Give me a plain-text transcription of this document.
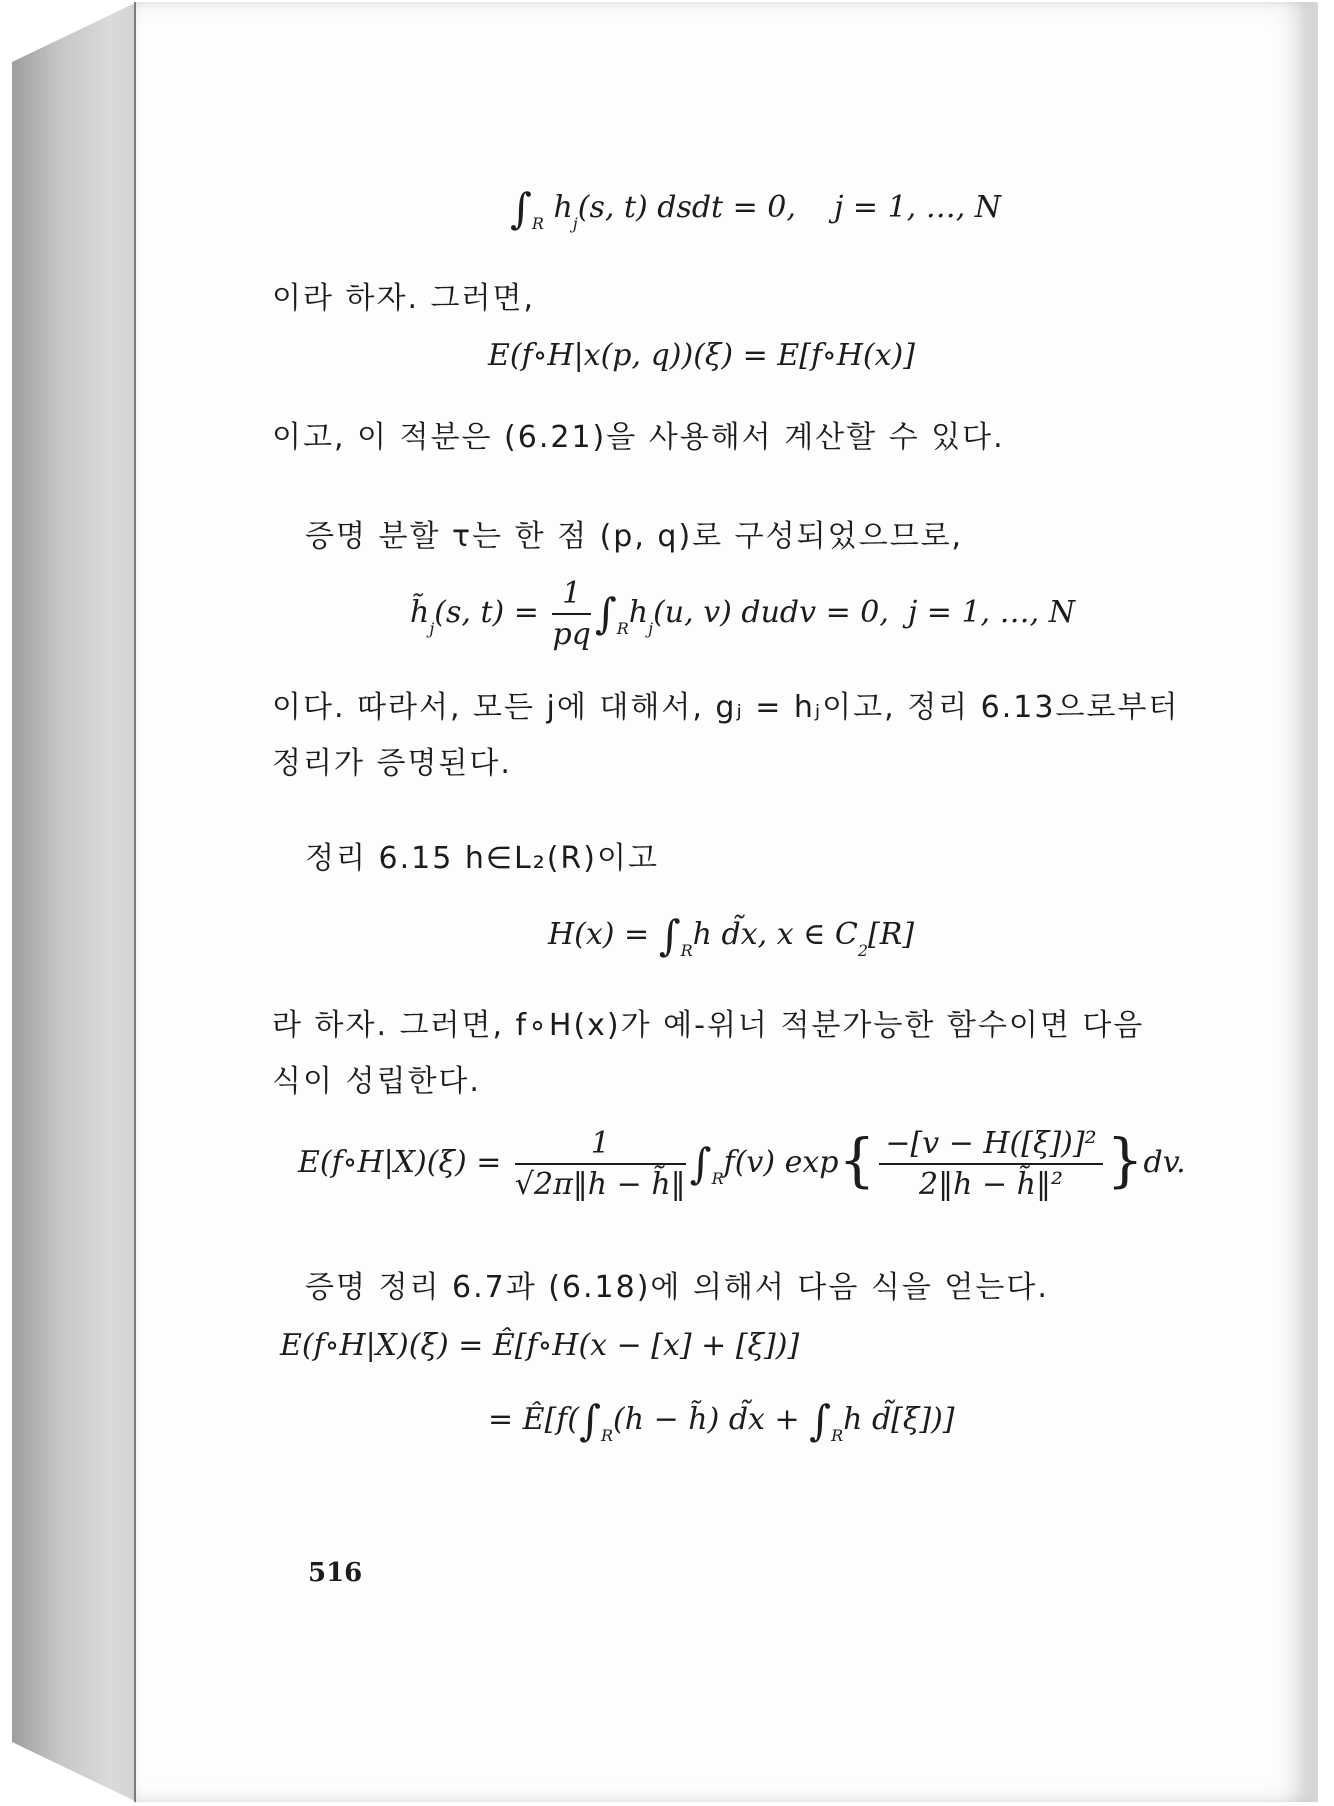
$\int_R$ $h_j(s$, t) dsdt = 0,    j = 1, …, N
이라 하자. 그러면,
E(f∘H|x(p, q))(ξ) = E[f∘H(x)]
이고, 이 적분은 (6.21)을 사용해서 계산할 수 있다.
증명 분할 τ는 한 점 (p, q)로 구성되었으므로,
$h̃_j(s$, $t) = \frac{1}{pq} \int_Rh_j(u$, v) dudv = 0,  j = 1, …, N
이다. 따라서, 모든 j에 대해서, gⱼ = hⱼ이고, 정리 6.13으로부터
정리가 증명된다.
정리 6.15 h∈L₂(R)이고
$H(x) = \int_Rh$ d̃x, x ∈ $C_2[R]$
라 하자. 그러면, f∘H(x)가 예-위너 적분가능한 함수이면 다음
식이 성립한다.
E(f∘H|X)(ξ) = $\frac{1}{√2\pi‖h - h̃‖} \int_Rf(v)$ $\exp\{ \frac{\text{−[v − H([ξ])]²}}{\text{2‖h − h̃‖²}} \}dv$.
증명 정리 6.7과 (6.18)에 의해서 다음 식을 얻는다.
E(f∘H|X)(ξ) = Ê[f∘H(x − [x] + [ξ])]
= $Ê[f(\int_R(h$ − h̃) d̃x + $\int_Rh$ d̃[ξ])]
516
